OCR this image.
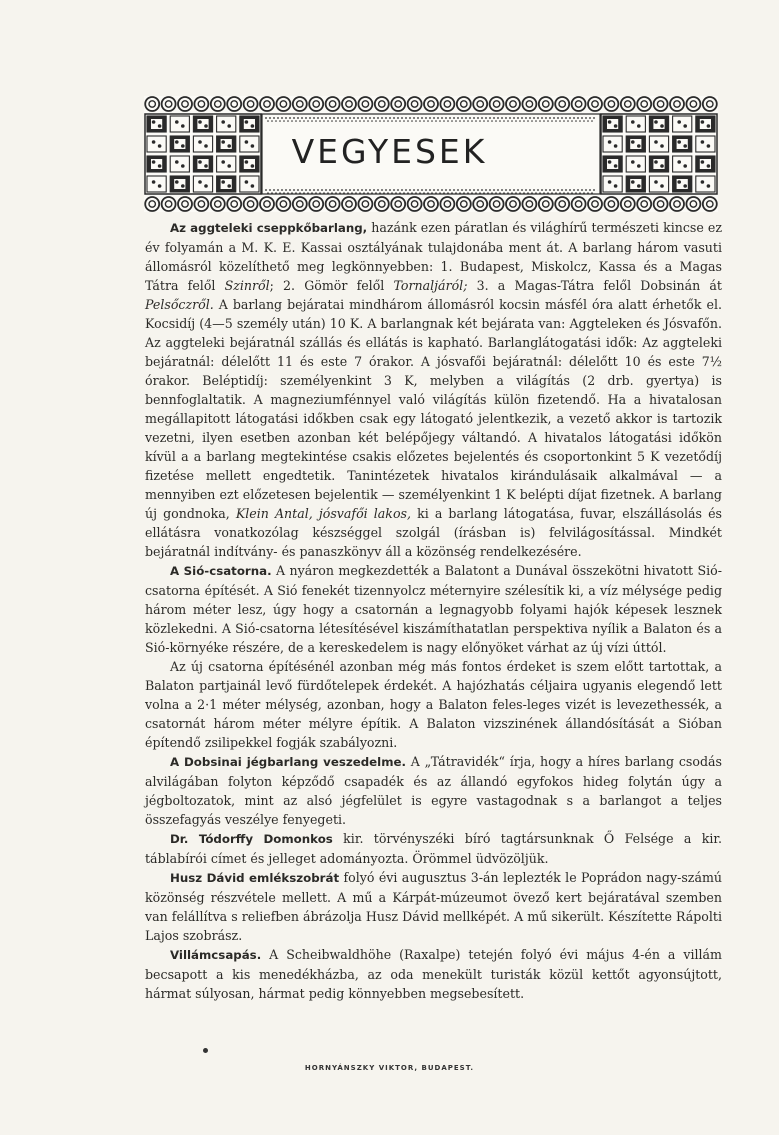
VEGYESEK

Az aggteleki cseppkőbarlang, hazánk ezen páratlan és világhírű természeti kincse ez év folyamán a M. K. E. Kassai osztályának tulajdonába ment át. A barlang három vasuti állomásról közelíthető meg legkönnyebben: 1. Budapest, Miskolcz, Kassa és a Magas Tátra felől Szinről; 2. Gömör felől Tornaljáról; 3. a Magas-Tátra felől Dobsinán át Pelsőczről. A barlang bejáratai mindhárom állomásról kocsin másfél óra alatt érhetők el. Kocsidíj (4—5 személy után) 10 K. A barlangnak két bejárata van: Aggteleken és Jósvafőn. Az aggteleki bejáratnál szállás és ellátás is kapható. Barlanglátogatási idők: Az aggteleki bejáratnál: délelőtt 11 és este 7 órakor. A jósvafői bejáratnál: délelőtt 10 és este 7½ órakor. Beléptidíj: személyenkint 3 K, melyben a világítás (2 drb. gyertya) is bennfoglaltatik. A magneziumfénnyel való világítás külön fizetendő. Ha a hivatalosan megállapitott látogatási időkben csak egy látogató jelentkezik, a vezető akkor is tartozik vezetni, ilyen esetben azonban két belépőjegy váltandó. A hivatalos látogatási időkön kívül a a barlang megtekintése csakis előzetes bejelentés és csoportonkint 5 K vezetődíj fizetése mellett engedtetik. Tanintézetek hivatalos kirándulásaik alkalmával — a mennyiben ezt előzetesen bejelentik — személyenkint 1 K belépti díjat fizetnek. A barlang új gondnoka, Klein Antal, jósvafői lakos, ki a barlang látogatása, fuvar, elszállásolás és ellátásra vonatkozólag készséggel szolgál (írásban is) felvilágosítással. Mindkét bejáratnál indítvány- és panaszkönyv áll a közönség rendelkezésére.

A Sió-csatorna. A nyáron megkezdették a Balatont a Dunával összekötni hivatott Sió-csatorna építését. A Sió fenekét tizennyolcz méternyire szélesítik ki, a víz mélysége pedig három méter lesz, úgy hogy a csatornán a legnagyobb folyami hajók képesek lesznek közlekedni. A Sió-csatorna létesítésével kiszámíthatatlan perspektiva nyílik a Balaton és a Sió-környéke részére, de a kereskedelem is nagy előnyöket várhat az új vízi úttól.

Az új csatorna építésénél azonban még más fontos érdeket is szem előtt tartottak, a Balaton partjainál levő fürdőtelepek érdekét. A hajózhatás céljaira ugyanis elegendő lett volna a 2·1 méter mélység, azonban, hogy a Balaton feles-leges vizét is levezethessék, a csatornát három méter mélyre építik. A Balaton vizszinének állandósítását a Sióban építendő zsilipekkel fogják szabályozni.

A Dobsinai jégbarlang veszedelme. A „Tátravidék“ írja, hogy a híres barlang csodás alvilágában folyton képződő csapadék és az állandó egyfokos hideg folytán úgy a jégboltozatok, mint az alsó jégfelület is egyre vastagodnak s a barlangot a teljes összefagyás veszélye fenyegeti.

Dr. Tódorffy Domonkos kir. törvényszéki bíró tagtársunknak Ő Felsége a kir. táblabírói címet és jelleget adományozta. Örömmel üdvözöljük.

Husz Dávid emlékszobrát folyó évi augusztus 3-án leplezték le Poprádon nagy-számú közönség részvétele mellett. A mű a Kárpát-múzeumot övező kert bejáratával szemben van felállítva s reliefben ábrázolja Husz Dávid mellképét. A mű sikerült. Készítette Rápolti Lajos szobrász.

Villámcsapás. A Scheibwaldhöhe (Raxalpe) tetején folyó évi május 4-én a villám becsapott a kis menedékházba, az oda menekült turisták közül kettőt agyonsújtott, hármat súlyosan, hármat pedig könnyebben megsebesített.

HORNYÁNSZKY VIKTOR, BUDAPEST.
